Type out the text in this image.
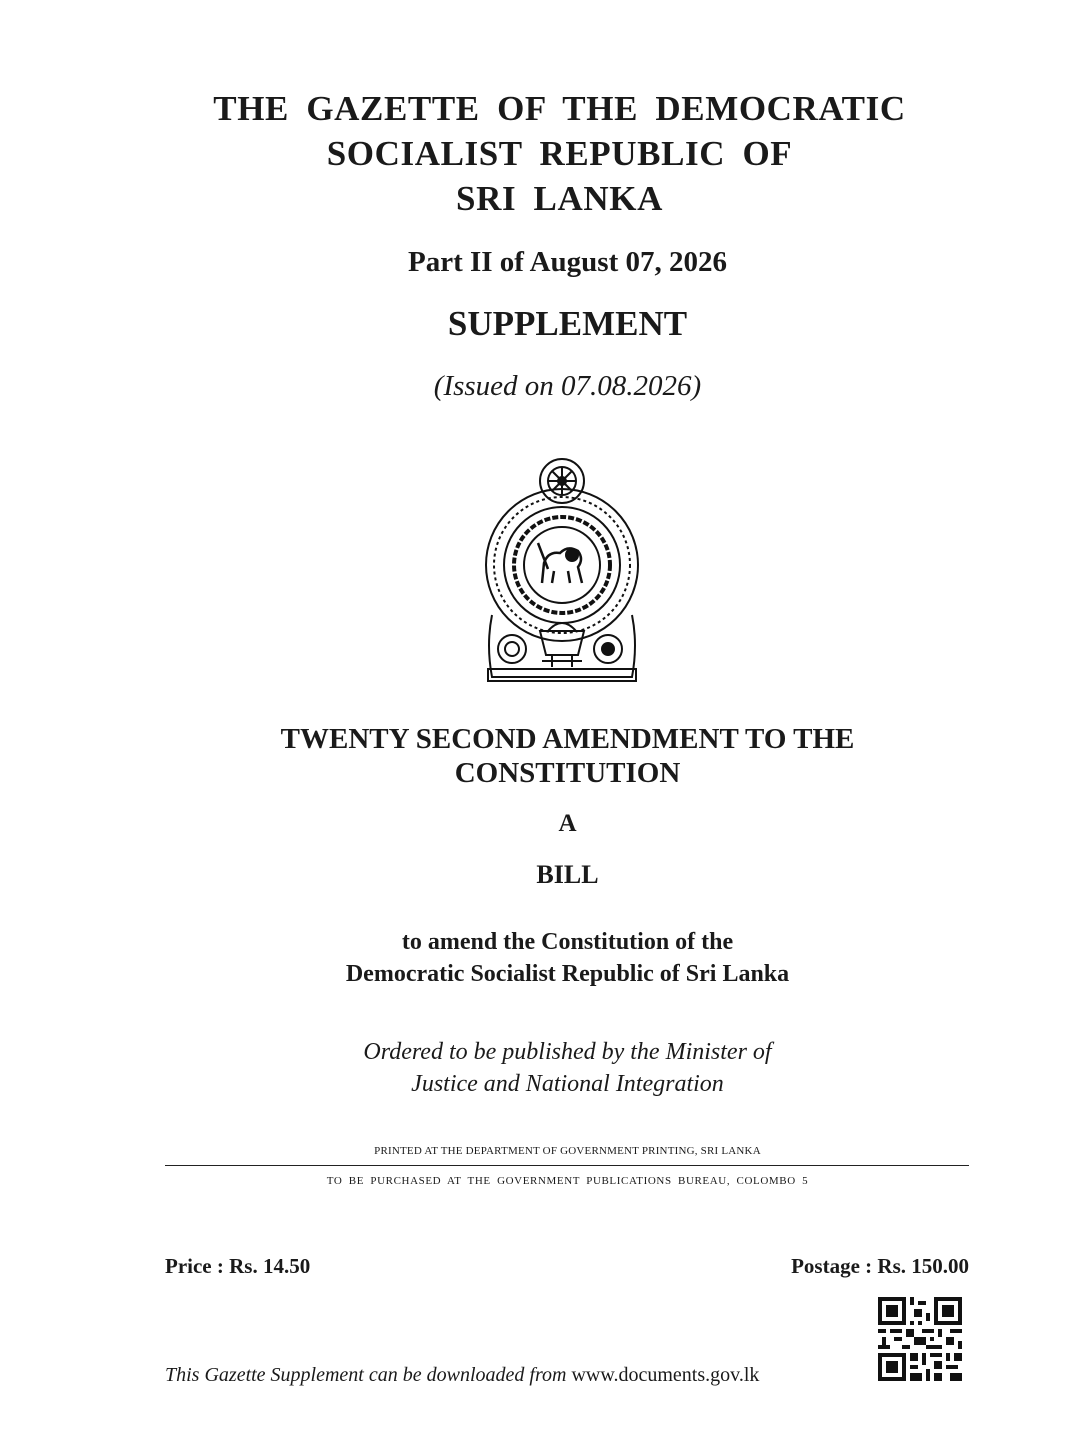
THE GAZETTE OF THE DEMOCRATIC
SOCIALIST REPUBLIC OF
SRI LANKA
Part II of August 07, 2026
SUPPLEMENT
(Issued on 07.08.2026)
TWENTY SECOND AMENDMENT TO THE
CONSTITUTION
A
BILL
to amend the Constitution of the
Democratic Socialist Republic of Sri Lanka
Ordered to be published by the Minister of
Justice and National Integration
PRINTED AT THE DEPARTMENT OF GOVERNMENT PRINTING, SRI LANKA
TO BE PURCHASED AT THE GOVERNMENT PUBLICATIONS BUREAU, COLOMBO 5
Price : Rs. 14.50	Postage : Rs. 150.00
This Gazette Supplement can be downloaded from www.documents.gov.lk
